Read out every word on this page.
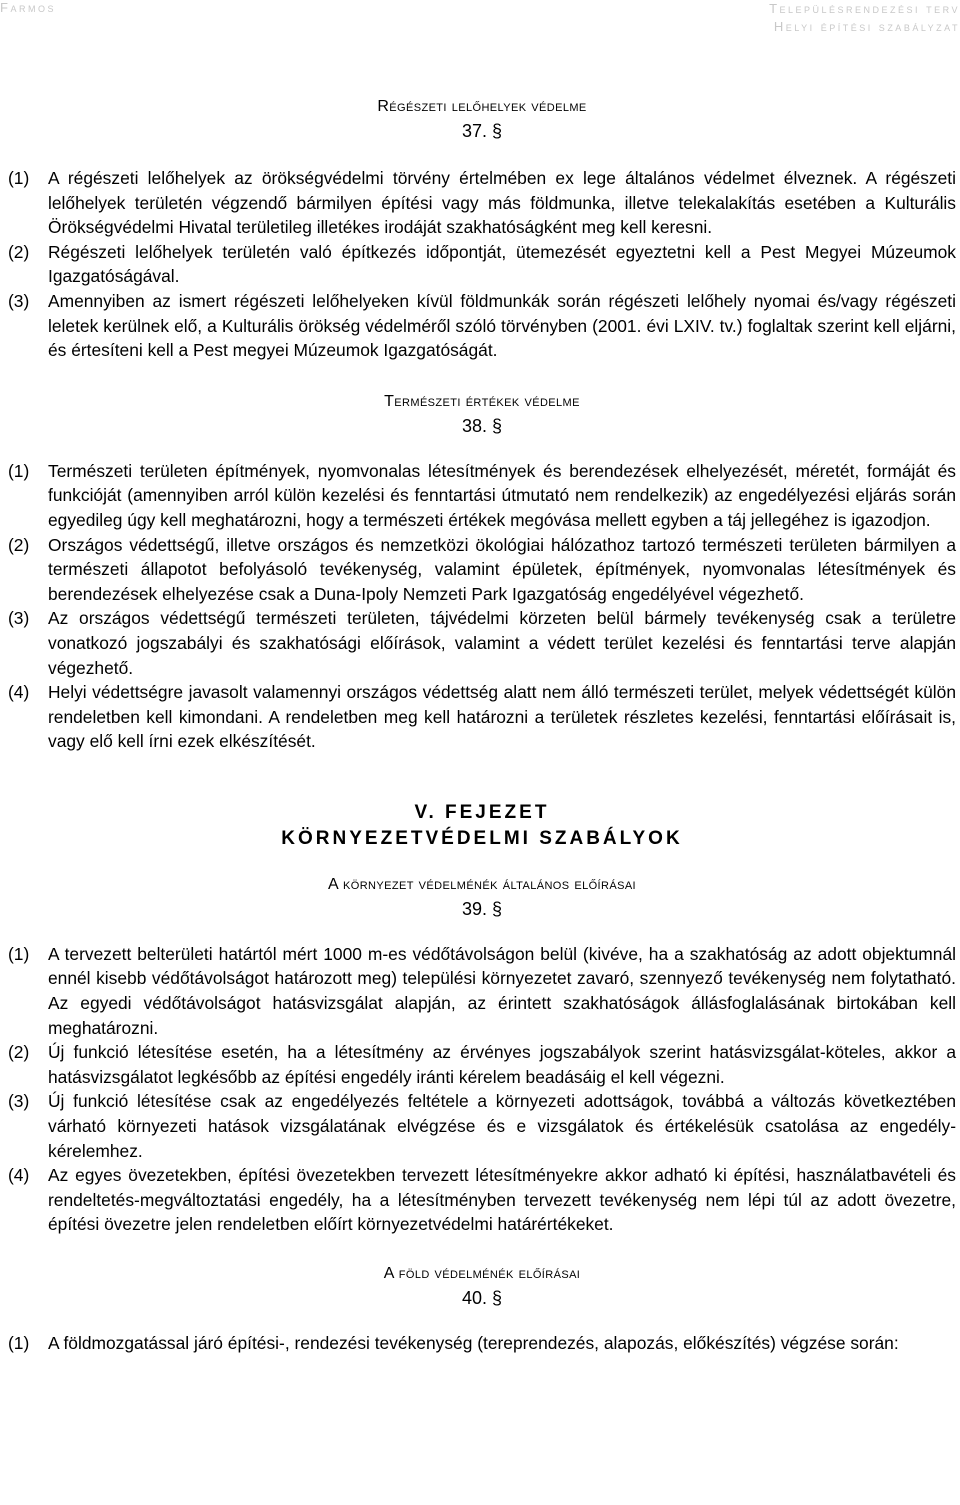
Farmos	Településrendezési terv
Helyi építési szabályzat

Régészeti lelőhelyek védelme

37. §

(1) A régészeti lelőhelyek az örökségvédelmi törvény értelmében ex lege általános védelmet élveznek. A régészeti lelőhelyek területén végzendő bármilyen építési vagy más földmunka, illetve telekalakítás esetében a Kulturális Örökségvédelmi Hivatal területileg illetékes irodáját szakhatóságként meg kell keresni.

(2) Régészeti lelőhelyek területén való építkezés időpontját, ütemezését egyeztetni kell a Pest Megyei Múzeumok Igazgatóságával.

(3) Amennyiben az ismert régészeti lelőhelyeken kívül földmunkák során régészeti lelőhely nyomai és/vagy régészeti leletek kerülnek elő, a Kulturális örökség védelméről szóló törvényben (2001. évi LXIV. tv.) foglaltak szerint kell eljárni, és értesíteni kell a Pest megyei Múzeumok Igazgatóságát.

Természeti értékek védelme

38. §

(1) Természeti területen építmények, nyomvonalas létesítmények és berendezések elhelyezését, méretét, formáját és funkcióját (amennyiben arról külön kezelési és fenntartási útmutató nem rendelkezik) az engedélyezési eljárás során egyedileg úgy kell meghatározni, hogy a természeti értékek megóvása mellett egyben a táj jellegéhez is igazodjon.

(2) Országos védettségű, illetve országos és nemzetközi ökológiai hálózathoz tartozó természeti területen bármilyen a természeti állapotot befolyásoló tevékenység, valamint épületek, építmények, nyomvonalas létesítmények és berendezések elhelyezése csak a Duna-Ipoly Nemzeti Park Igazgatóság engedélyével végezhető.

(3) Az országos védettségű természeti területen, tájvédelmi körzeten belül bármely tevékenység csak a területre vonatkozó jogszabályi és szakhatósági előírások, valamint a védett terület kezelési és fenntartási terve alapján végezhető.

(4) Helyi védettségre javasolt valamennyi országos védettség alatt nem álló természeti terület, melyek védettségét külön rendeletben kell kimondani. A rendeletben meg kell határozni a területek részletes kezelési, fenntartási előírásait is, vagy elő kell írni ezek elkészítését.

V. FEJEZET

KÖRNYEZETVÉDELMI SZABÁLYOK

A környezet védelménék általános előírásai

39. §

(1) A tervezett belterületi határtól mért 1000 m-es védőtávolságon belül (kivéve, ha a szakhatóság az adott objektumnál ennél kisebb védőtávolságot határozott meg) települési környezetet zavaró, szennyező tevékenység nem folytatható. Az egyedi védőtávolságot hatásvizsgálat alapján, az érintett szakhatóságok állásfoglalásának birtokában kell meghatározni.

(2) Új funkció létesítése esetén, ha a létesítmény az érvényes jogszabályok szerint hatásvizsgálat-köteles, akkor a hatásvizsgálatot legkésőbb az építési engedély iránti kérelem beadásáig el kell végezni.

(3) Új funkció létesítése csak az engedélyezés feltétele a környezeti adottságok, továbbá a változás következtében várható környezeti hatások vizsgálatának elvégzése és e vizsgálatok és értékelésük csatolása az engedély-kérelemhez.

(4) Az egyes övezetekben, építési övezetekben tervezett létesítményekre akkor adható ki építési, használatbavételi és rendeltetés-megváltoztatási engedély, ha a létesítményben tervezett tevékenység nem lépi túl az adott övezetre, építési övezetre jelen rendeletben előírt környezetvédelmi határértékeket.

A föld védelménék előírásai

40. §

(1) A földmozgatással járó építési-, rendezési tevékenység (tereprendezés, alapozás, előkészítés) végzése során:
